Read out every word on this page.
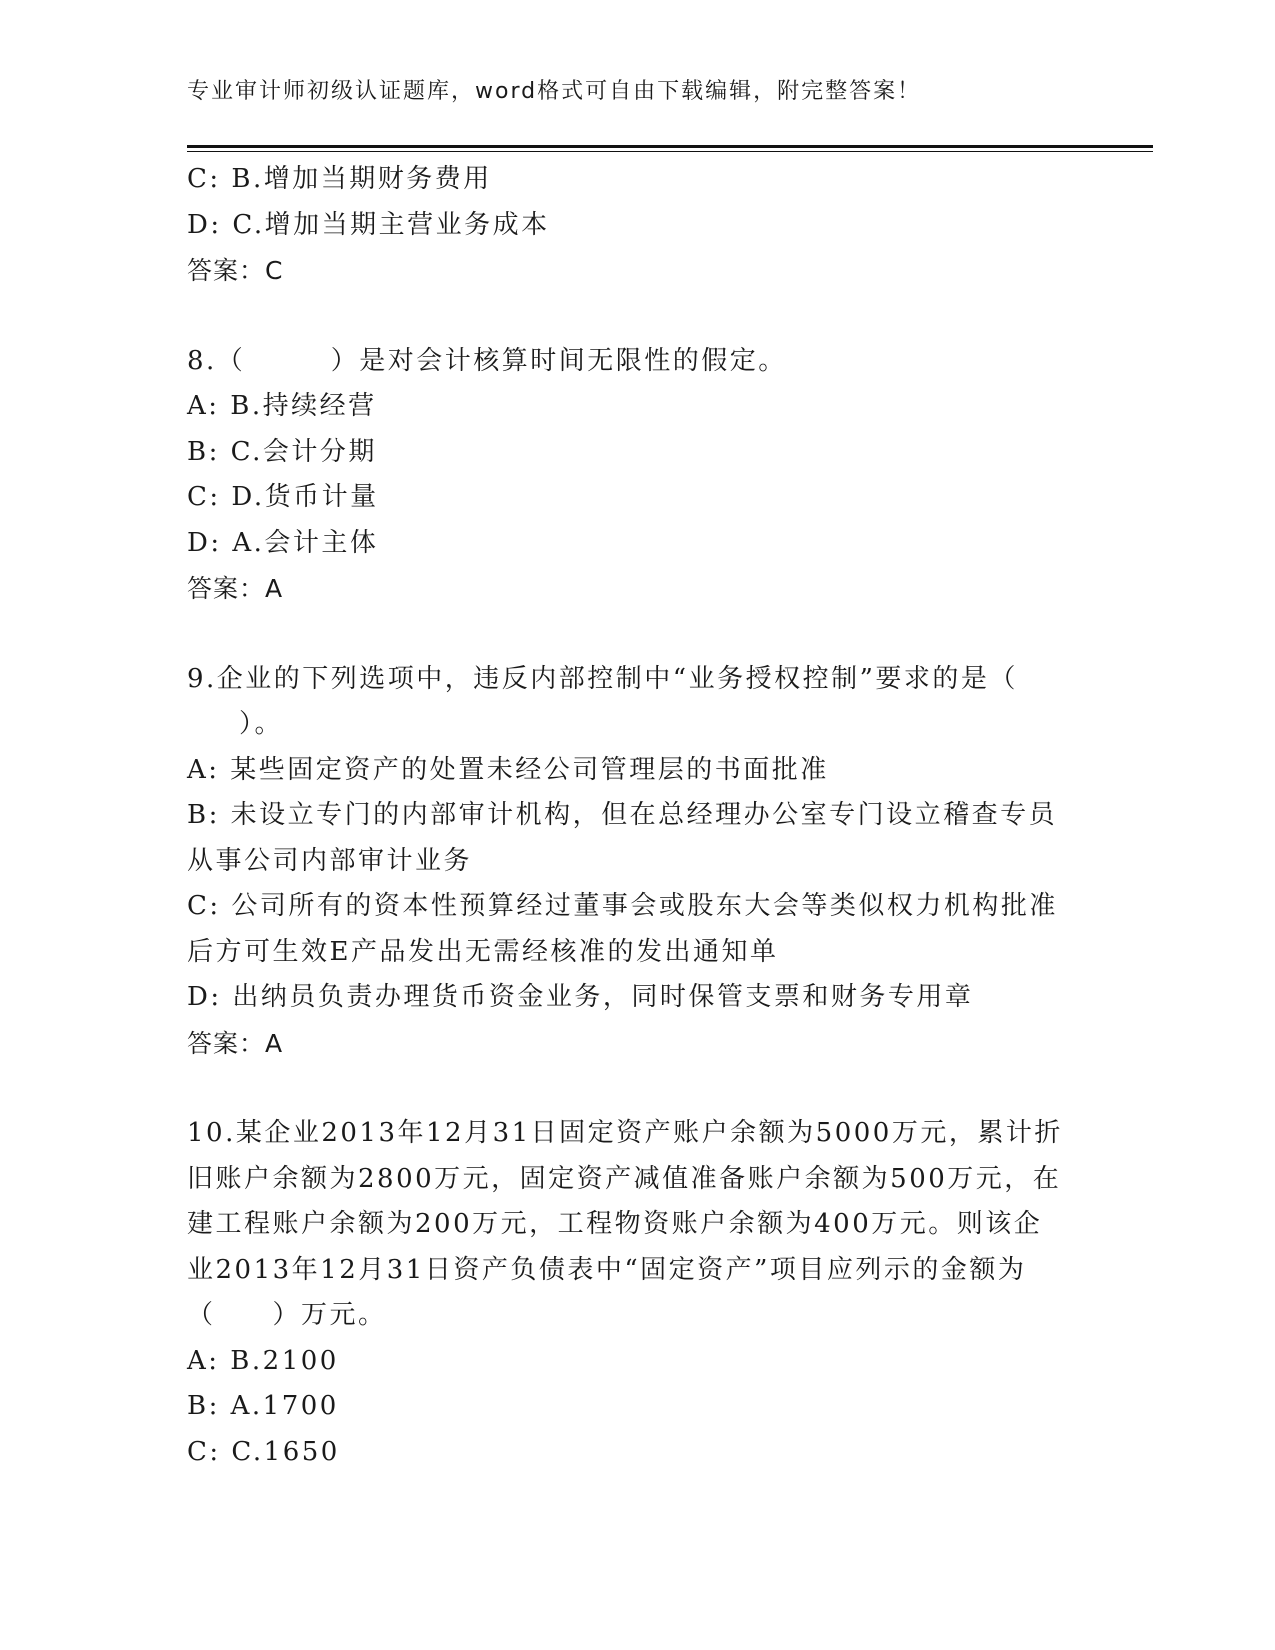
专业审计师初级认证题库，word格式可自由下载编辑，附完整答案！
C: B.增加当期财务费用
D: C.增加当期主营业务成本
答案：C
8.（　　　）是对会计核算时间无限性的假定。
A: B.持续经营
B: C.会计分期
C: D.货币计量
D: A.会计主体
答案：A
9.企业的下列选项中，违反内部控制中“业务授权控制”要求的是（
）。
A: 某些固定资产的处置未经公司管理层的书面批准
B: 未设立专门的内部审计机构，但在总经理办公室专门设立稽查专员
从事公司内部审计业务
C: 公司所有的资本性预算经过董事会或股东大会等类似权力机构批准
后方可生效E产品发出无需经核准的发出通知单
D: 出纳员负责办理货币资金业务，同时保管支票和财务专用章
答案：A
10.某企业2013年12月31日固定资产账户余额为5000万元，累计折
旧账户余额为2800万元，固定资产减值准备账户余额为500万元，在
建工程账户余额为200万元，工程物资账户余额为400万元。则该企
业2013年12月31日资产负债表中“固定资产”项目应列示的金额为
（　　）万元。
A: B.2100
B: A.1700
C: C.1650
